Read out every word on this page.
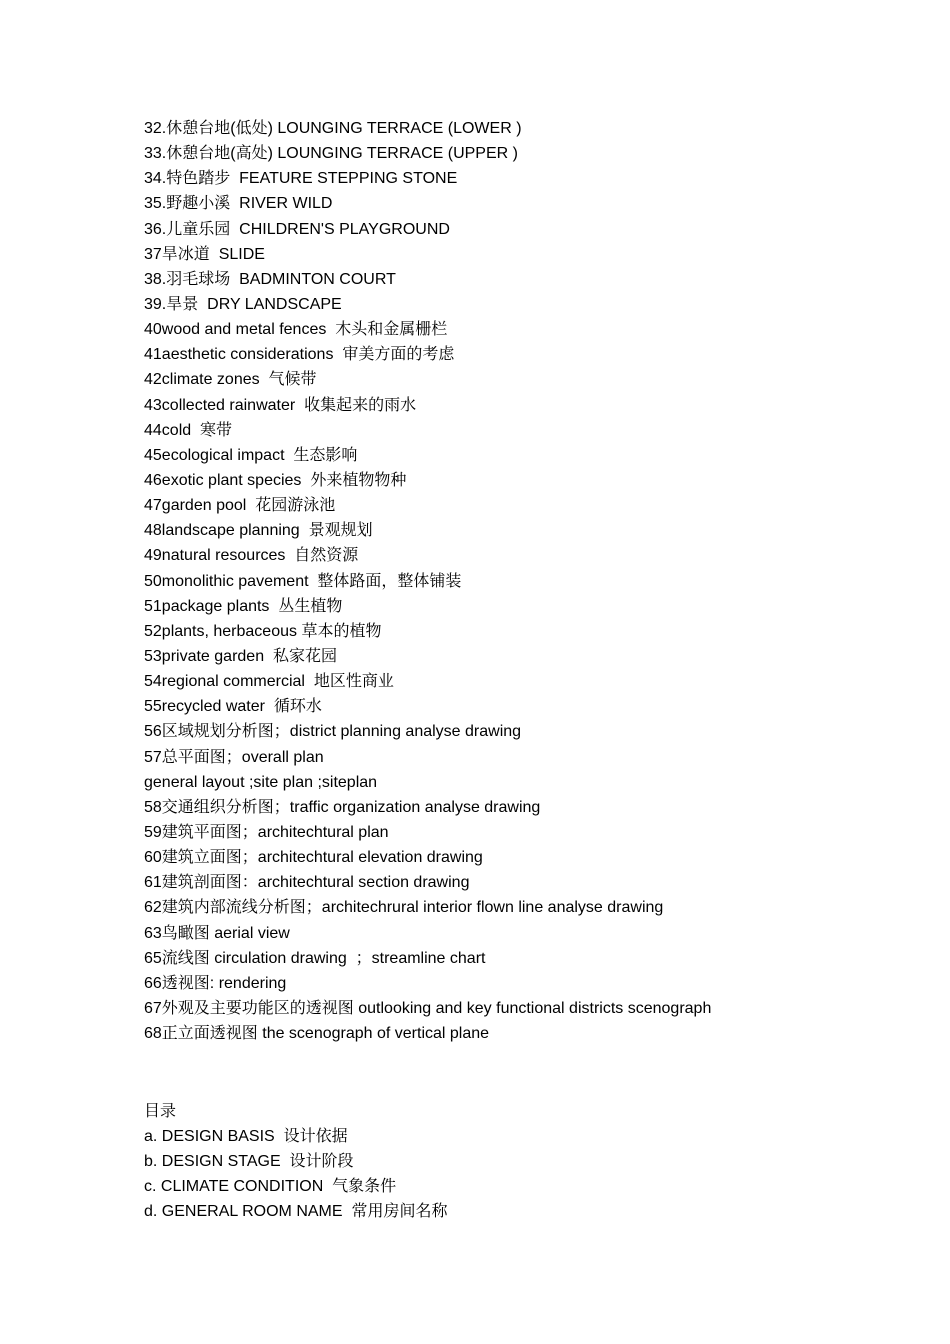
32.休憩台地(低处) LOUNGING TERRACE (LOWER )
33.休憩台地(高处) LOUNGING TERRACE (UPPER )
34.特色踏步  FEATURE STEPPING STONE
35.野趣小溪  RIVER WILD
36.儿童乐园  CHILDREN'S PLAYGROUND
37旱冰道  SLIDE
38.羽毛球场  BADMINTON COURT
39.旱景  DRY LANDSCAPE
40wood and metal fences  木头和金属栅栏
41aesthetic considerations  审美方面的考虑
42climate zones  气候带
43collected rainwater  收集起来的雨水
44cold  寒带
45ecological impact  生态影响
46exotic plant species  外来植物物种
47garden pool  花园游泳池
48landscape planning  景观规划
49natural resources  自然资源
50monolithic pavement  整体路面，整体铺装
51package plants  丛生植物
52plants, herbaceous 草本的植物
53private garden  私家花园
54regional commercial  地区性商业
55recycled water  循环水
56区域规划分析图；district planning analyse drawing
57总平面图；overall plan
general layout ;site plan ;siteplan
58交通组织分析图；traffic organization analyse drawing
59建筑平面图；architechtural plan
60建筑立面图；architechtural elevation drawing
61建筑剖面图：architechtural section drawing
62建筑内部流线分析图；architechrural interior flown line analyse drawing
63鸟瞰图 aerial view
65流线图 circulation drawing  ；streamline chart
66透视图: rendering
67外观及主要功能区的透视图 outlooking and key functional districts scenograph
68正立面透视图 the scenograph of vertical plane
目录
a. DESIGN BASIS  设计依据
b. DESIGN STAGE  设计阶段
c. CLIMATE CONDITION  气象条件
d. GENERAL ROOM NAME  常用房间名称
